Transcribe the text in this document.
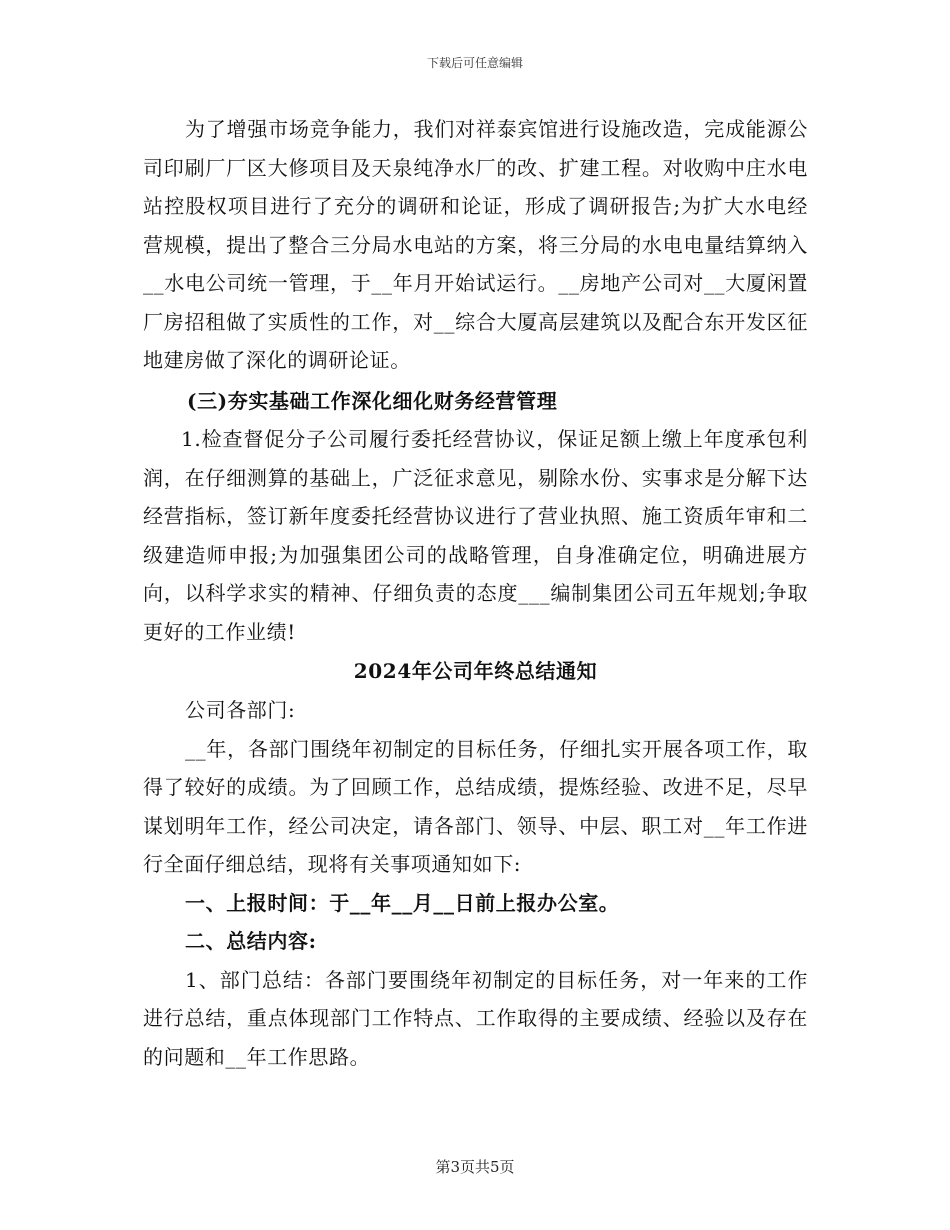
下载后可任意编辑

为了增强市场竞争能力，我们对祥泰宾馆进行设施改造，完成能源公司印刷厂厂区大修项目及天泉纯净水厂的改、扩建工程。对收购中庄水电站控股权项目进行了充分的调研和论证，形成了调研报告;为扩大水电经营规模，提出了整合三分局水电站的方案，将三分局的水电电量结算纳入__水电公司统一管理，于__年月开始试运行。__房地产公司对__大厦闲置厂房招租做了实质性的工作，对__综合大厦高层建筑以及配合东开发区征地建房做了深化的调研论证。

(三)夯实基础工作深化细化财务经营管理

1.检查督促分子公司履行委托经营协议，保证足额上缴上年度承包利润，在仔细测算的基础上，广泛征求意见，剔除水份、实事求是分解下达经营指标，签订新年度委托经营协议进行了营业执照、施工资质年审和二级建造师申报;为加强集团公司的战略管理，自身准确定位，明确进展方向，以科学求实的精神、仔细负责的态度___编制集团公司五年规划;争取更好的工作业绩!

2024年公司年终总结通知

公司各部门:

__年，各部门围绕年初制定的目标任务，仔细扎实开展各项工作，取得了较好的成绩。为了回顾工作，总结成绩，提炼经验、改进不足，尽早谋划明年工作，经公司决定，请各部门、领导、中层、职工对__年工作进行全面仔细总结，现将有关事项通知如下:

一、上报时间：于__年__月__日前上报办公室。

二、总结内容:

1、部门总结：各部门要围绕年初制定的目标任务，对一年来的工作进行总结，重点体现部门工作特点、工作取得的主要成绩、经验以及存在的问题和__年工作思路。

第3页共5页
